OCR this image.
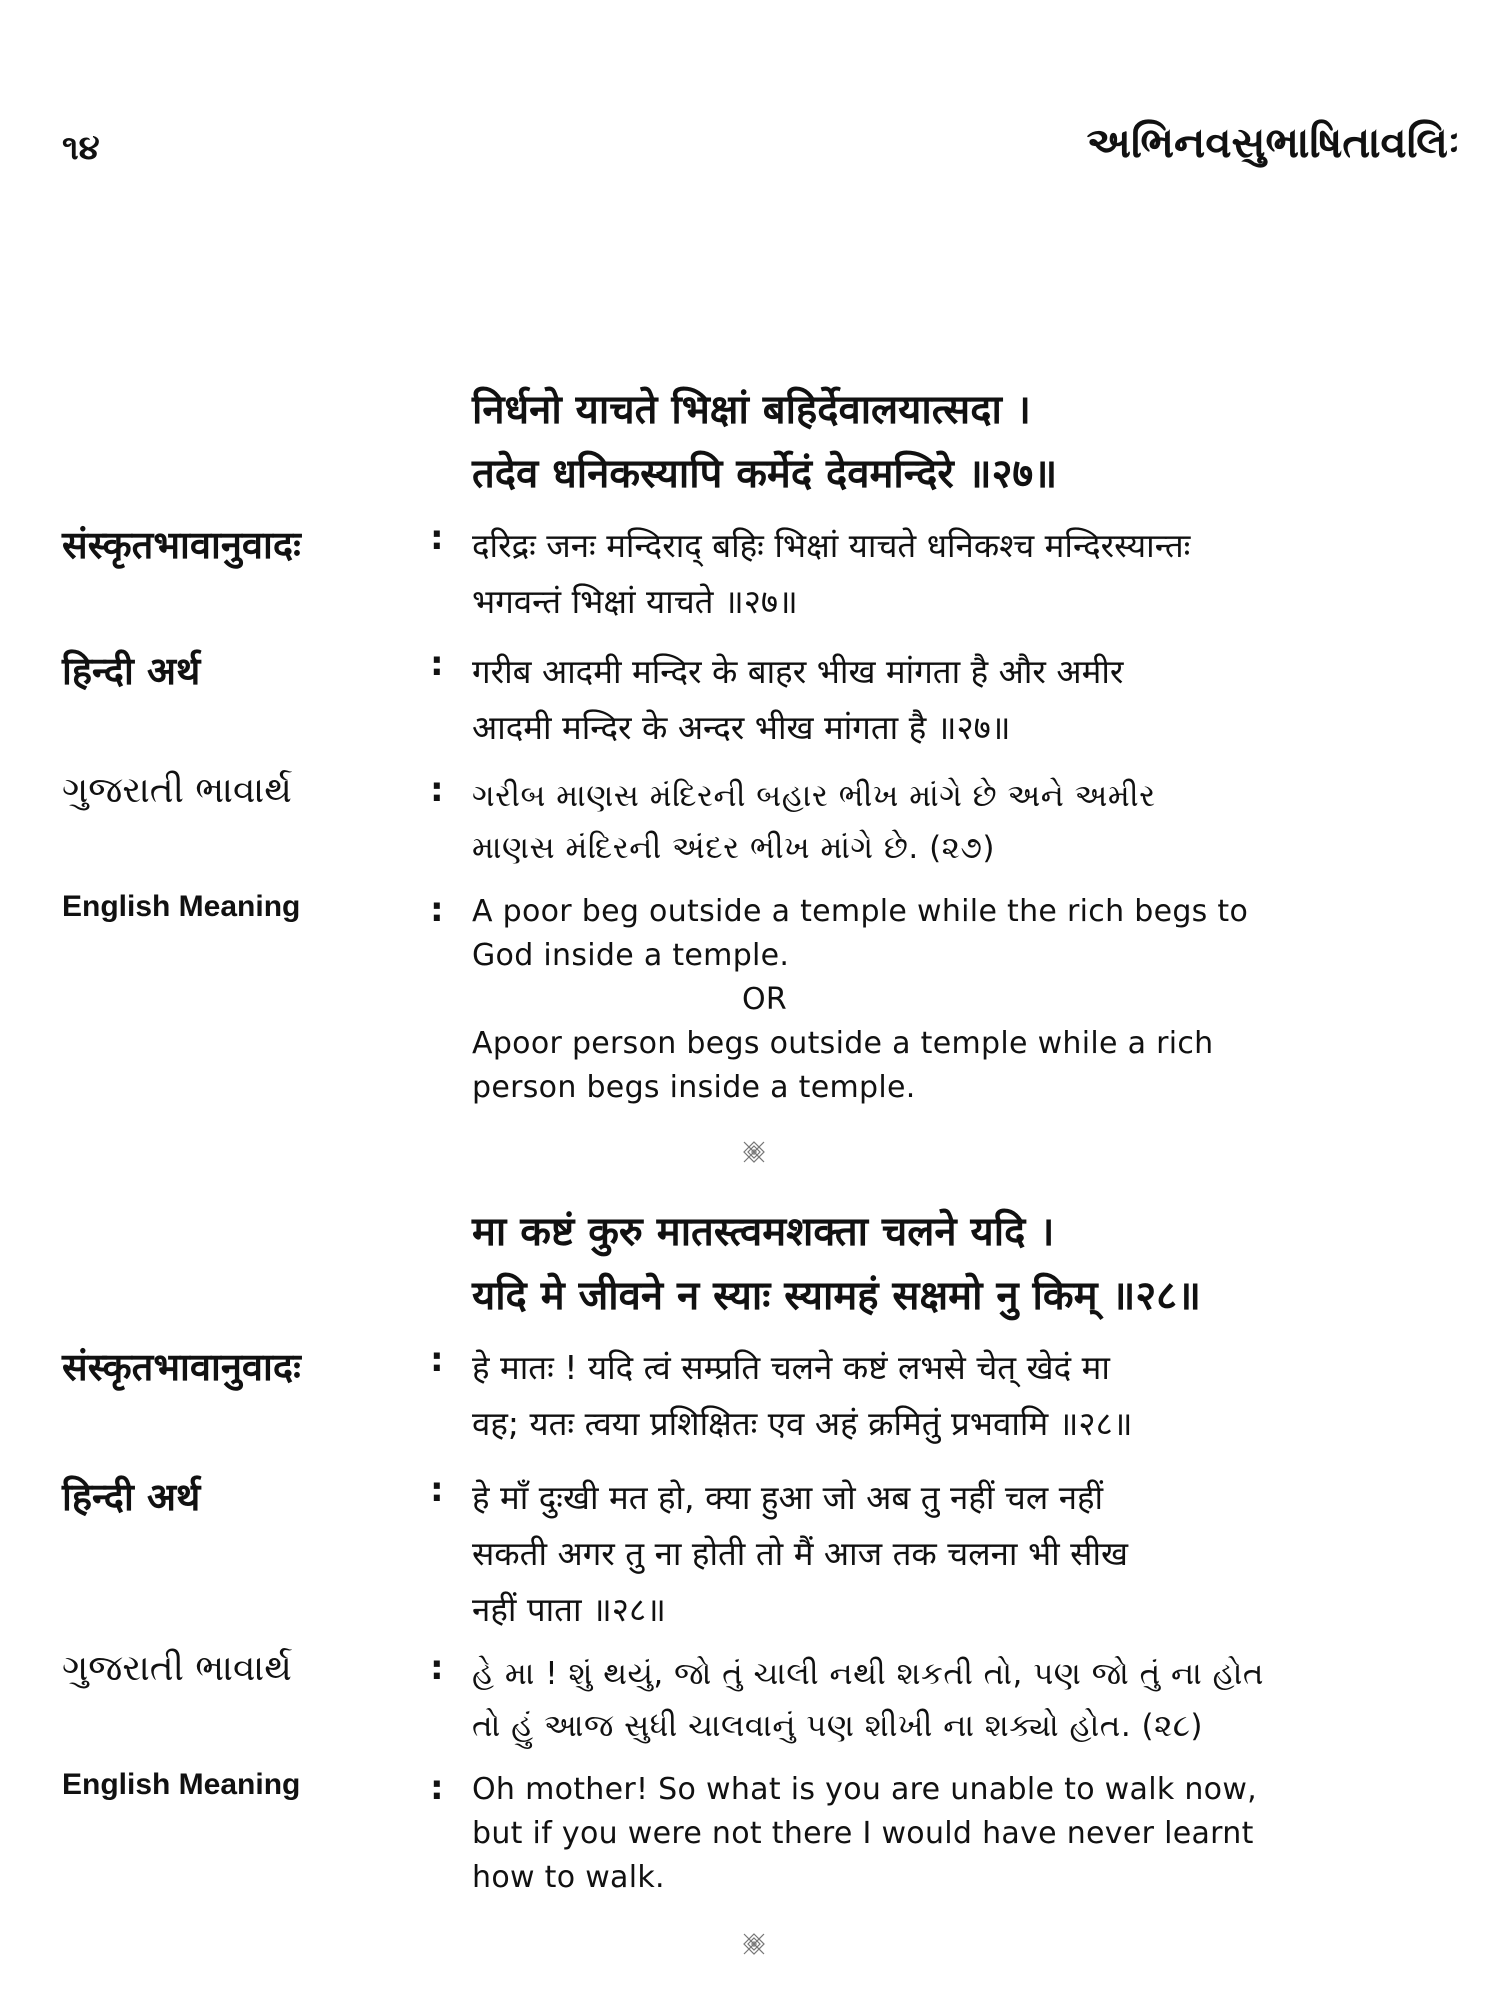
૧૪	અભિનવસુભાષિતાવલિઃ
निर्धनो याचते भिक्षां बहिर्देवालयात्सदा ।
तदेव धनिकस्यापि कर्मेदं देवमन्दिरे ॥२७॥
संस्कृतभावानुवादः	: दरिद्रः जनः मन्दिराद् बहिः भिक्षां याचते धनिकश्च मन्दिरस्यान्तः
भगवन्तं भिक्षां याचते ॥२७॥
हिन्दी अर्थ	: गरीब आदमी मन्दिर के बाहर भीख मांगता है और अमीर
आदमी मन्दिर के अन्दर भीख मांगता है ॥२७॥
ગુજરાતી ભાવાર્થ	: ગરીબ માણસ મંદિરની બહાર ભીખ માંગે છે અને અમીર
માણસ મંદિરની અંદર ભીખ માંગે છે. (૨૭)
English Meaning	: A poor beg outside a temple while the rich begs to
God inside a temple.
OR
Apoor person begs outside a temple while a rich
person begs inside a temple.
मा कष्टं कुरु मातस्त्वमशक्ता चलने यदि ।
यदि मे जीवने न स्याः स्यामहं सक्षमो नु किम् ॥२८॥
संस्कृतभावानुवादः	: हे मातः ! यदि त्वं सम्प्रति चलने कष्टं लभसे चेत् खेदं मा
वह; यतः त्वया प्रशिक्षितः एव अहं क्रमितुं प्रभवामि ॥२८॥
हिन्दी अर्थ	: हे माँ दुःखी मत हो, क्या हुआ जो अब तु नहीं चल नहीं
सकती अगर तु ना होती तो मैं आज तक चलना भी सीख
नहीं पाता ॥२८॥
ગુજરાતી ભાવાર્થ	: હે મા ! શું થયું, જો તું ચાલી નથી શકતી તો, પણ જો તું ના હોત
તો હું આજ સુધી ચાલવાનું પણ શીખી ના શક્યો હોત. (૨૮)
English Meaning	: Oh mother! So what is you are unable to walk now,
but if you were not there I would have never learnt
how to walk.
